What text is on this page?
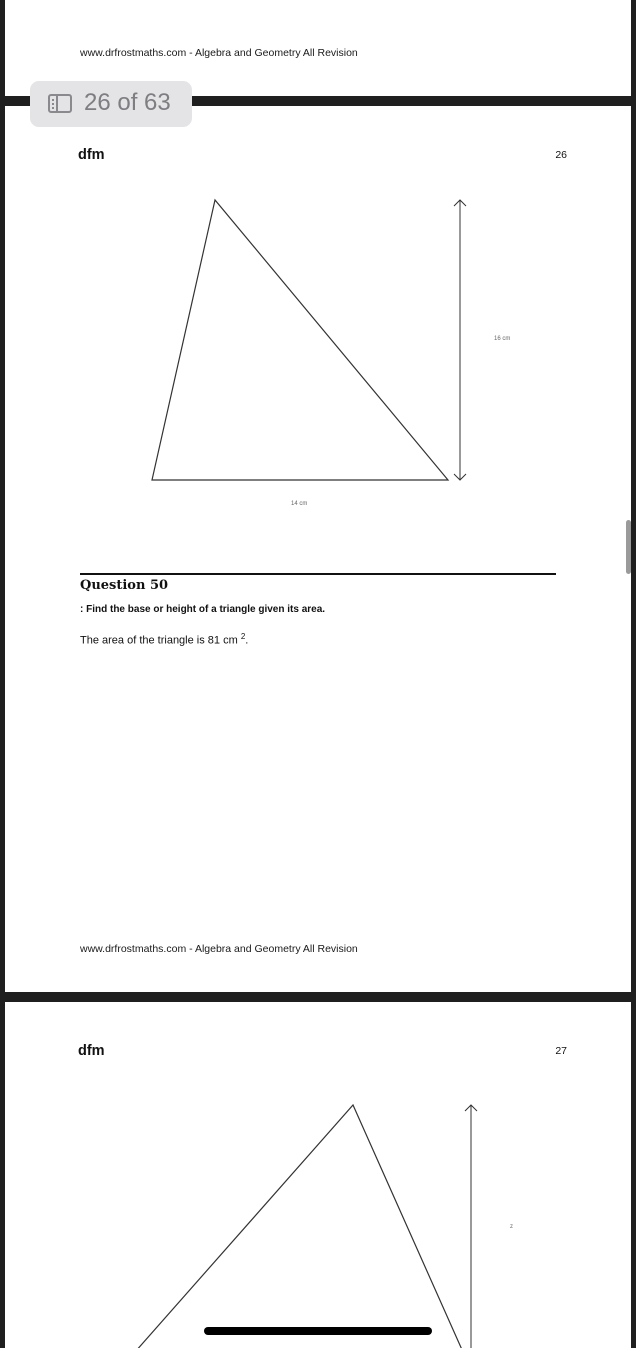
www.drfrostmaths.com - Algebra and Geometry All Revision
dfm	26
16 cm
14 cm
Question 50
: Find the base or height of a triangle given its area.
The area of the triangle is 81 cm $^2$.
www.drfrostmaths.com - Algebra and Geometry All Revision
dfm	27
z
26 of 63
